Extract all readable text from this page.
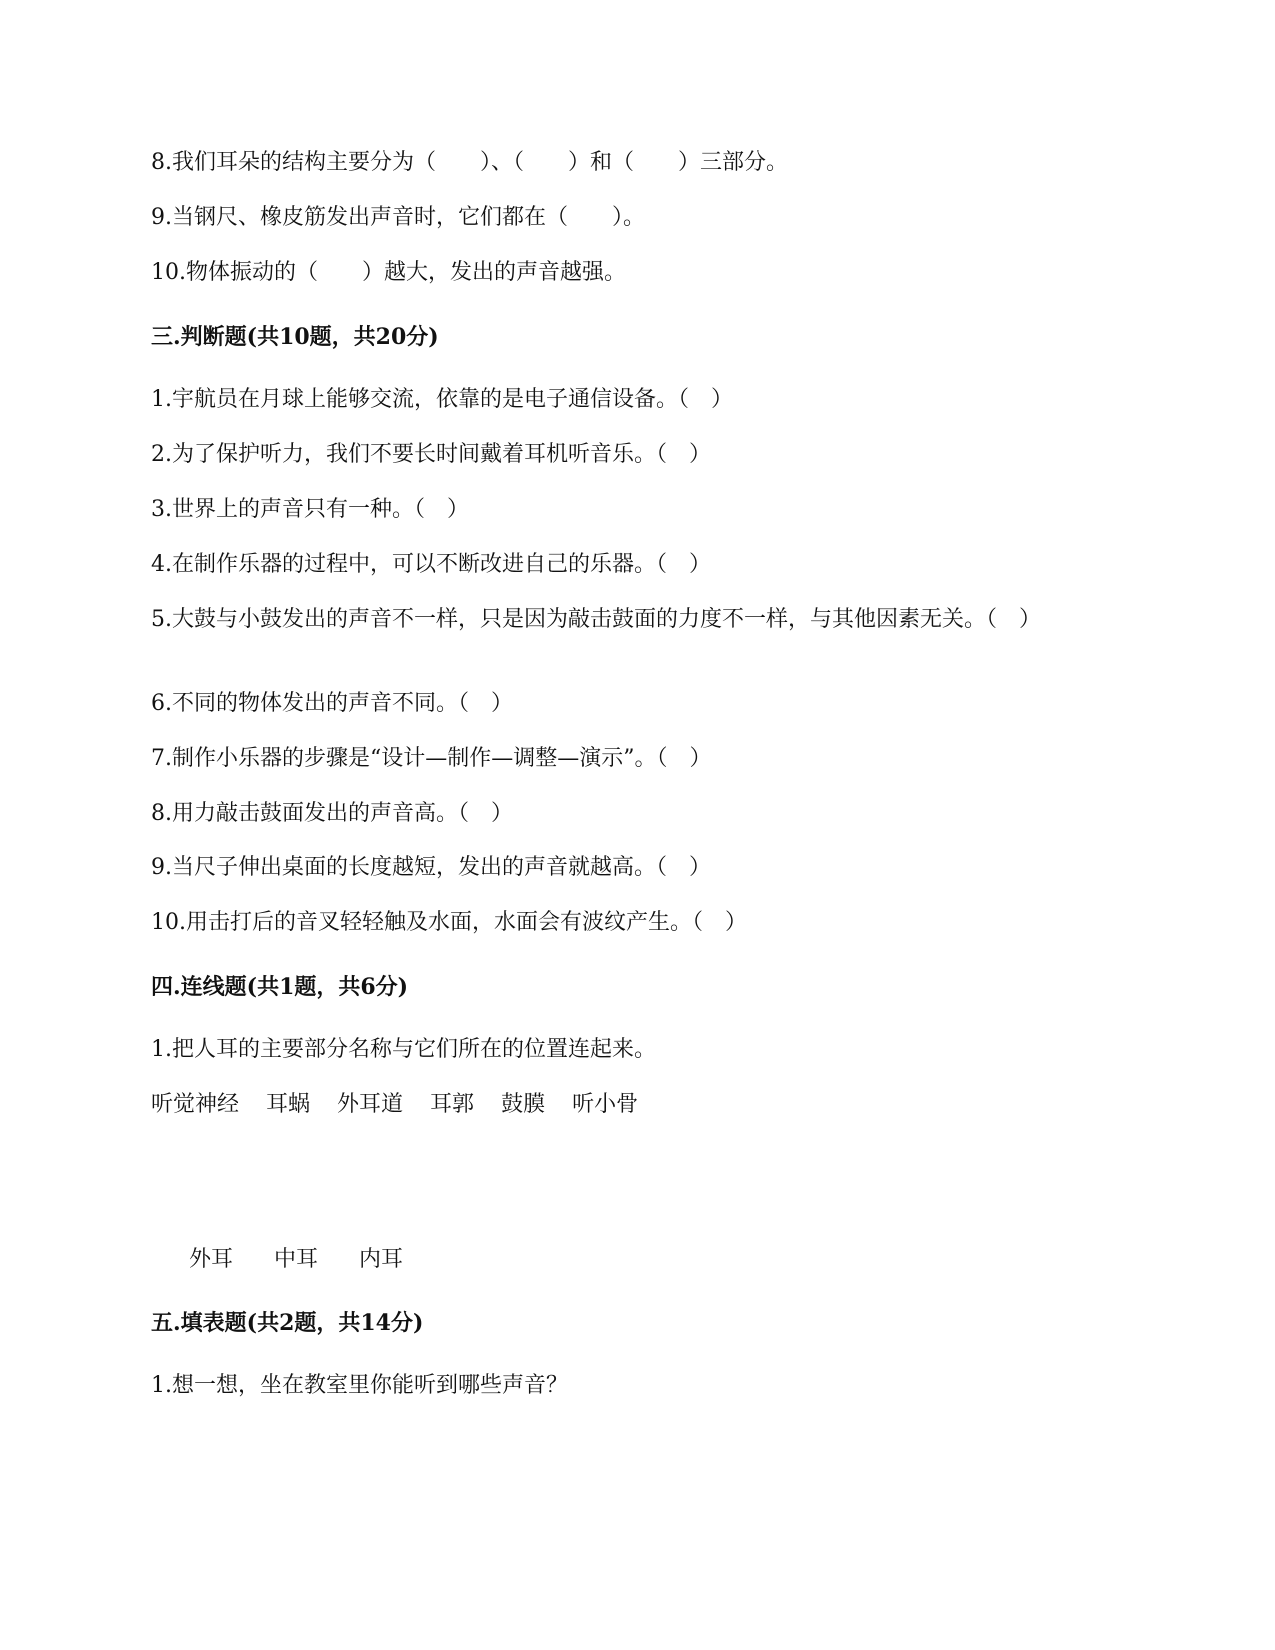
8.我们耳朵的结构主要分为（　　）、（　　）和（　　）三部分。
9.当钢尺、橡皮筋发出声音时，它们都在（　　）。
10.物体振动的（　　）越大，发出的声音越强。
三.判断题(共10题，共20分)
1.宇航员在月球上能够交流，依靠的是电子通信设备。（　）
2.为了保护听力，我们不要长时间戴着耳机听音乐。（　）
3.世界上的声音只有一种。（　）
4.在制作乐器的过程中，可以不断改进自己的乐器。（　）
5.大鼓与小鼓发出的声音不一样，只是因为敲击鼓面的力度不一样，与其他因素无关。（　）
6.不同的物体发出的声音不同。（　）
7.制作小乐器的步骤是“设计—制作—调整—演示”。（　）
8.用力敲击鼓面发出的声音高。（　）
9.当尺子伸出桌面的长度越短，发出的声音就越高。（　）
10.用击打后的音叉轻轻触及水面，水面会有波纹产生。（　）
四.连线题(共1题，共6分)
1.把人耳的主要部分名称与它们所在的位置连起来。
听觉神经 耳蜗 外耳道 耳郭 鼓膜 听小骨
外耳 中耳 内耳
五.填表题(共2题，共14分)
1.想一想，坐在教室里你能听到哪些声音？
